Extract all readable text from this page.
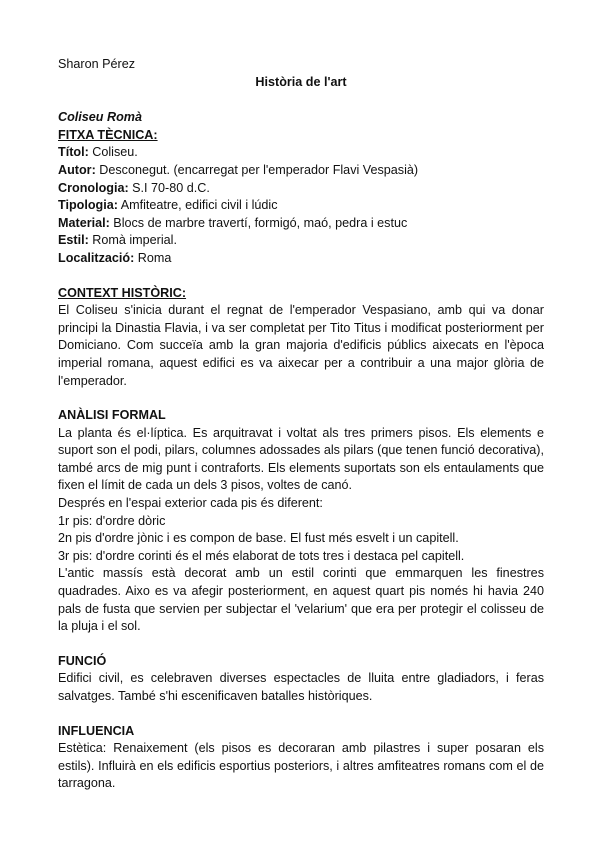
Sharon Pérez

Història de l'art

Coliseu Romà

FITXA TÈCNICA:

Títol: Coliseu.

Autor: Desconegut. (encarregat per l'emperador Flavi Vespasià)

Cronologia: S.I 70-80 d.C.

Tipologia: Amfiteatre, edifici civil i lúdic

Material: Blocs de marbre travertí, formigó, maó, pedra i estuc

Estil: Romà imperial.

Localització: Roma

CONTEXT HISTÒRIC:

El Coliseu s'inicia durant el regnat de l'emperador Vespasiano, amb qui va donar principi la Dinastia Flavia, i va ser completat per Tito Titus i modificat posteriorment per Domiciano. Com succeïa amb la gran majoria d'edificis públics aixecats en l'època imperial romana, aquest edifici es va aixecar per a contribuir a una major glòria de l'emperador.

ANÀLISI FORMAL

La planta és el·líptica. Es arquitravat i voltat als tres primers pisos. Els elements e suport son el podi, pilars, columnes adossades als pilars (que tenen funció decorativa), també arcs de mig punt i contraforts. Els elements suportats son els entaulaments que fixen el límit de cada un dels 3 pisos, voltes de canó.

Després en l'espai exterior cada pis és diferent:

1r pis: d'ordre dòric

2n pis d'ordre jònic i es compon de base. El fust més esvelt i un capitell.

3r pis: d'ordre corinti és el més elaborat de tots tres i destaca pel capitell.

L'antic massís està decorat amb un estil corinti que emmarquen les finestres quadrades. Aixo es va afegir posteriorment, en aquest quart pis només hi havia 240 pals de fusta que servien per subjectar el 'velarium' que era per protegir el colisseu de la pluja i el sol.

FUNCIÓ

Edifici civil, es celebraven diverses espectacles de lluita entre gladiadors, i feras salvatges. També s'hi escenificaven batalles històriques.

INFLUENCIA

Estètica: Renaixement (els pisos es decoraran amb pilastres i super posaran els estils). Influirà en els edificis esportius posteriors, i altres amfiteatres romans com el de tarragona.
